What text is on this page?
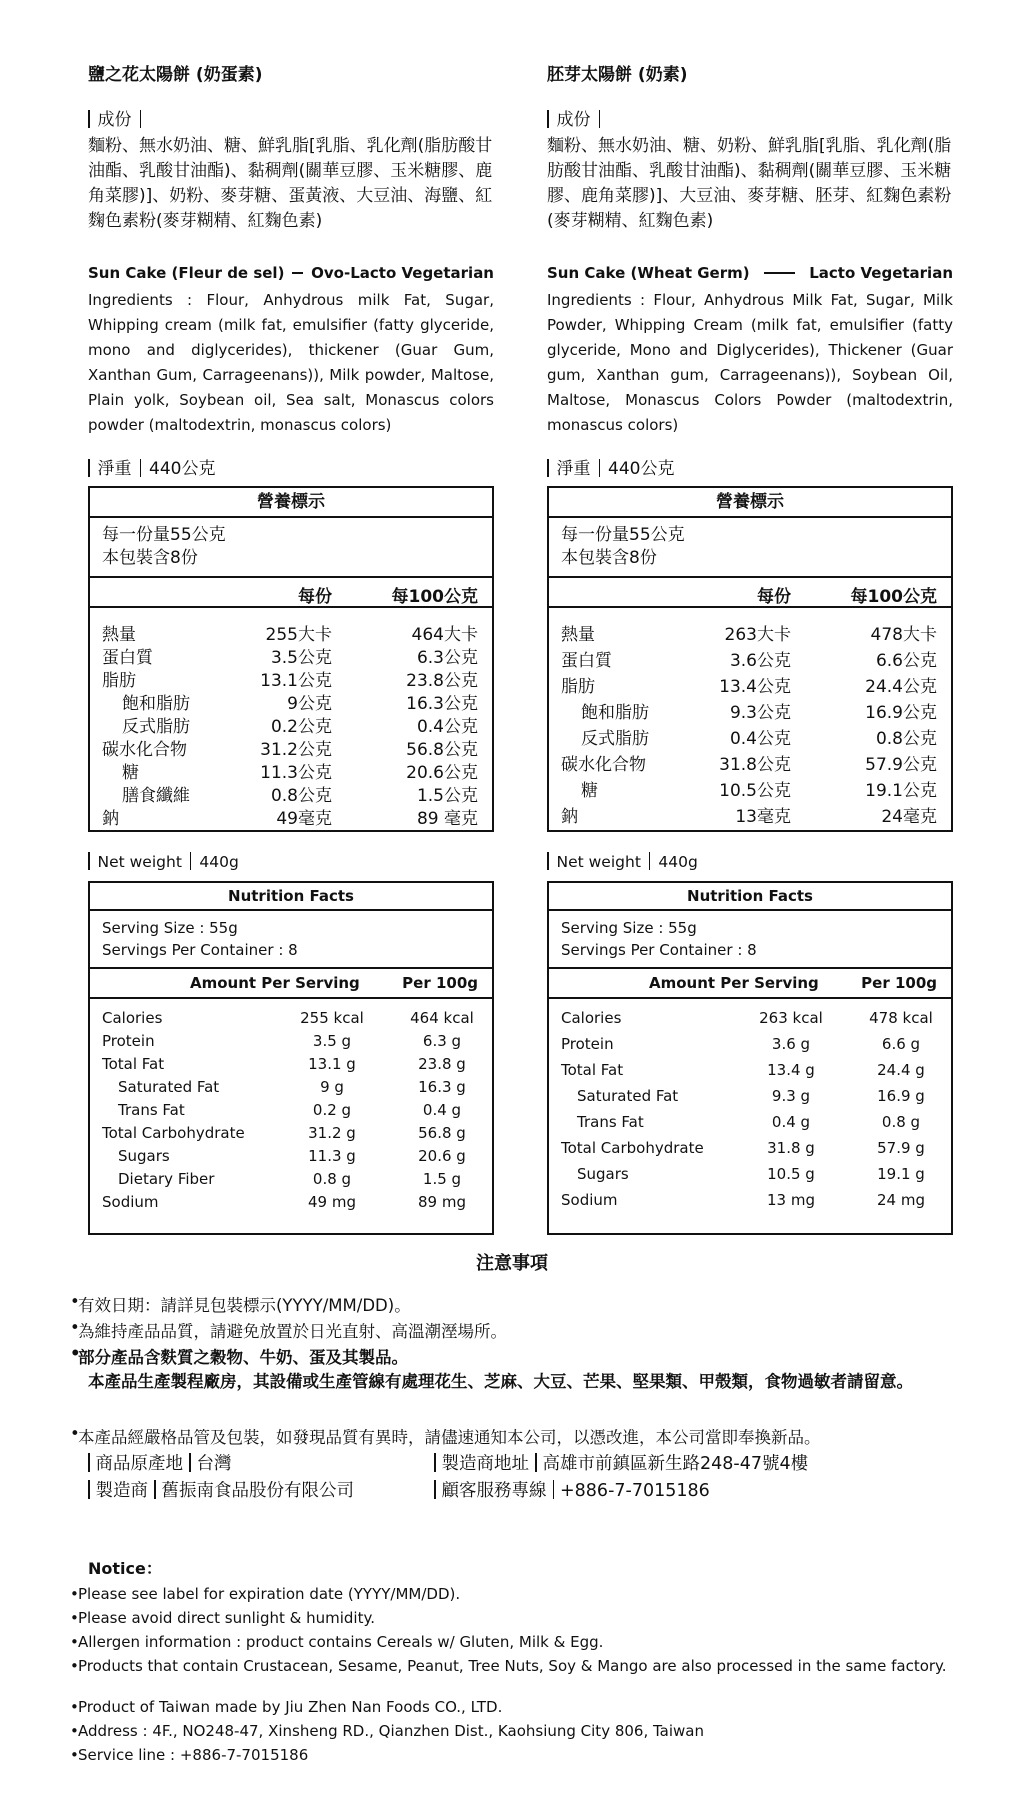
鹽之花太陽餅 (奶蛋素)
成份
麵粉、無水奶油、糖、鮮乳脂[乳脂、乳化劑(脂肪酸甘油酯、乳酸甘油酯)、黏稠劑(關華豆膠、玉米糖膠、鹿角菜膠)]、奶粉、麥芽糖、蛋黃液、大豆油、海鹽、紅麴色素粉(麥芽糊精、紅麴色素)
Sun Cake (Fleur de sel) Ovo-Lacto Vegetarian
Ingredients : Flour, Anhydrous milk Fat, Sugar, Whipping cream (milk fat, emulsifier (fatty glyceride, mono and diglycerides), thickener (Guar Gum, Xanthan Gum, Carrageenans)), Milk powder, Maltose, Plain yolk, Soybean oil, Sea salt, Monascus colors powder (maltodextrin, monascus colors)
淨重 440公克
營養標示
每一份量55公克
本包裝含8份
每份	每100公克
熱量	255大卡	464大卡
蛋白質	3.5公克	6.3公克
脂肪	13.1公克	23.8公克
飽和脂肪	9公克	16.3公克
反式脂肪	0.2公克	0.4公克
碳水化合物	31.2公克	56.8公克
糖	11.3公克	20.6公克
膳食纖維	0.8公克	1.5公克
鈉	49毫克	89 毫克
Net weight 440g
Nutrition Facts
Serving Size : 55g
Servings Per Container : 8
Amount Per Serving	Per 100g
Calories	255 kcal	464 kcal
Protein	3.5 g	6.3 g
Total Fat	13.1 g	23.8 g
Saturated Fat	9 g	16.3 g
Trans Fat	0.2 g	0.4 g
Total Carbohydrate	31.2 g	56.8 g
Sugars	11.3 g	20.6 g
Dietary Fiber	0.8 g	1.5 g
Sodium	49 mg	89 mg
胚芽太陽餅 (奶素)
成份
麵粉、無水奶油、糖、奶粉、鮮乳脂[乳脂、乳化劑(脂肪酸甘油酯、乳酸甘油酯)、黏稠劑(關華豆膠、玉米糖膠、鹿角菜膠)]、大豆油、麥芽糖、胚芽、紅麴色素粉(麥芽糊精、紅麴色素)
Sun Cake (Wheat Germ)	Lacto Vegetarian
Ingredients : Flour, Anhydrous Milk Fat, Sugar, Milk Powder, Whipping Cream (milk fat, emulsifier (fatty glyceride, Mono and Diglycerides), Thickener (Guar gum, Xanthan gum, Carrageenans)), Soybean Oil, Maltose, Monascus Colors Powder (maltodextrin, monascus colors)
淨重 440公克
營養標示
每一份量55公克
本包裝含8份
每份	每100公克
熱量	263大卡	478大卡
蛋白質	3.6公克	6.6公克
脂肪	13.4公克	24.4公克
飽和脂肪	9.3公克	16.9公克
反式脂肪	0.4公克	0.8公克
碳水化合物	31.8公克	57.9公克
糖	10.5公克	19.1公克
鈉	13毫克	24毫克
Net weight 440g
Nutrition Facts
Serving Size : 55g
Servings Per Container : 8
Amount Per Serving	Per 100g
Calories	263 kcal	478 kcal
Protein	3.6 g	6.6 g
Total Fat	13.4 g	24.4 g
Saturated Fat	9.3 g	16.9 g
Trans Fat	0.4 g	0.8 g
Total Carbohydrate	31.8 g	57.9 g
Sugars	10.5 g	19.1 g
Sodium	13 mg	24 mg
注意事項
• 有效日期：請詳見包裝標示(YYYY/MM/DD)。
• 為維持產品品質，請避免放置於日光直射、高溫潮溼場所。
• 部分產品含麩質之穀物、牛奶、蛋及其製品。
本產品生產製程廠房，其設備或生產管線有處理花生、芝麻、大豆、芒果、堅果類、甲殼類，食物過敏者請留意。
• 本產品經嚴格品管及包裝，如發現品質有異時，請儘速通知本公司，以憑改進，本公司當即奉換新品。
商品原產地 台灣	製造商地址 高雄市前鎮區新生路248-47號4樓
製造商 舊振南食品股份有限公司	顧客服務專線 +886-7-7015186
Notice：
• Please see label for expiration date (YYYY/MM/DD).
• Please avoid direct sunlight & humidity.
• Allergen information : product contains Cereals w/ Gluten, Milk & Egg.
• Products that contain Crustacean, Sesame, Peanut, Tree Nuts, Soy & Mango are also processed in the same factory.
• Product of Taiwan made by Jiu Zhen Nan Foods CO., LTD.
• Address : 4F., NO248-47, Xinsheng RD., Qianzhen Dist., Kaohsiung City 806, Taiwan
• Service line : +886-7-7015186
